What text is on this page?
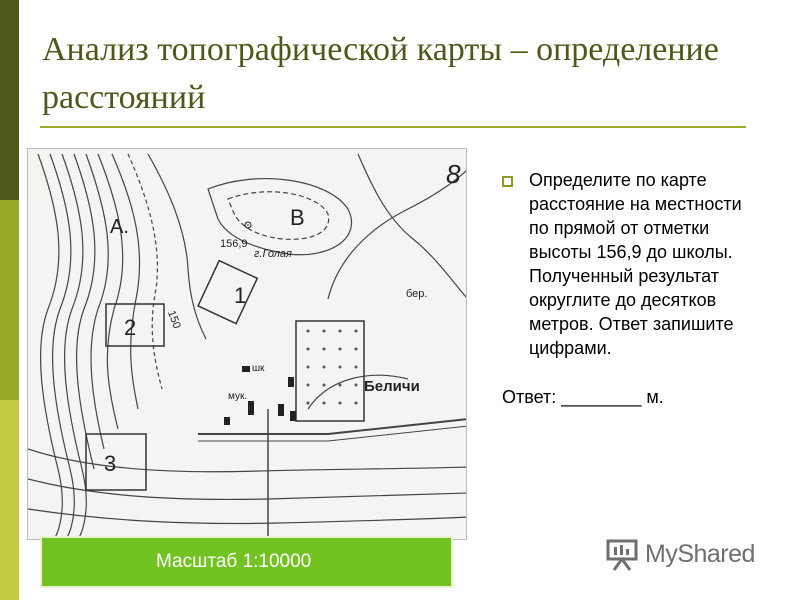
Анализ топографической карты – определение расстояний
А.	В
156,9
г.Голая
1
2
3
150
бер.
шк
мук.
Беличи
8
Масштаб 1:10000

Определите по карте расстояние на местности по прямой от отметки высоты 156,9 до школы. Полученный результат округлите до десятков метров. Ответ запишите цифрами.

Ответ: ________ м.
MyShared
